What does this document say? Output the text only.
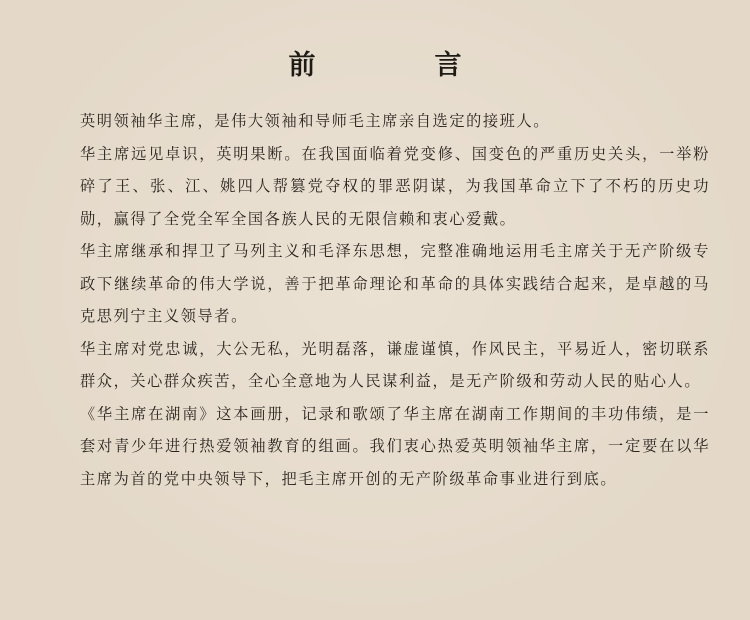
前　言

英明领袖华主席，是伟大领袖和导师毛主席亲自选定的接班人。

华主席远见卓识，英明果断。在我国面临着党变修、国变色的严重历史关头，一举粉碎了王、张、江、姚四人帮篡党夺权的罪恶阴谋，为我国革命立下了不朽的历史功勋，赢得了全党全军全国各族人民的无限信赖和衷心爱戴。

华主席继承和捍卫了马列主义和毛泽东思想，完整准确地运用毛主席关于无产阶级专政下继续革命的伟大学说，善于把革命理论和革命的具体实践结合起来，是卓越的马克思列宁主义领导者。

华主席对党忠诚，大公无私，光明磊落，谦虚谨慎，作风民主，平易近人，密切联系群众，关心群众疾苦，全心全意地为人民谋利益，是无产阶级和劳动人民的贴心人。

《华主席在湖南》这本画册，记录和歌颂了华主席在湖南工作期间的丰功伟绩，是一套对青少年进行热爱领袖教育的组画。我们衷心热爱英明领袖华主席，一定要在以华主席为首的党中央领导下，把毛主席开创的无产阶级革命事业进行到底。
